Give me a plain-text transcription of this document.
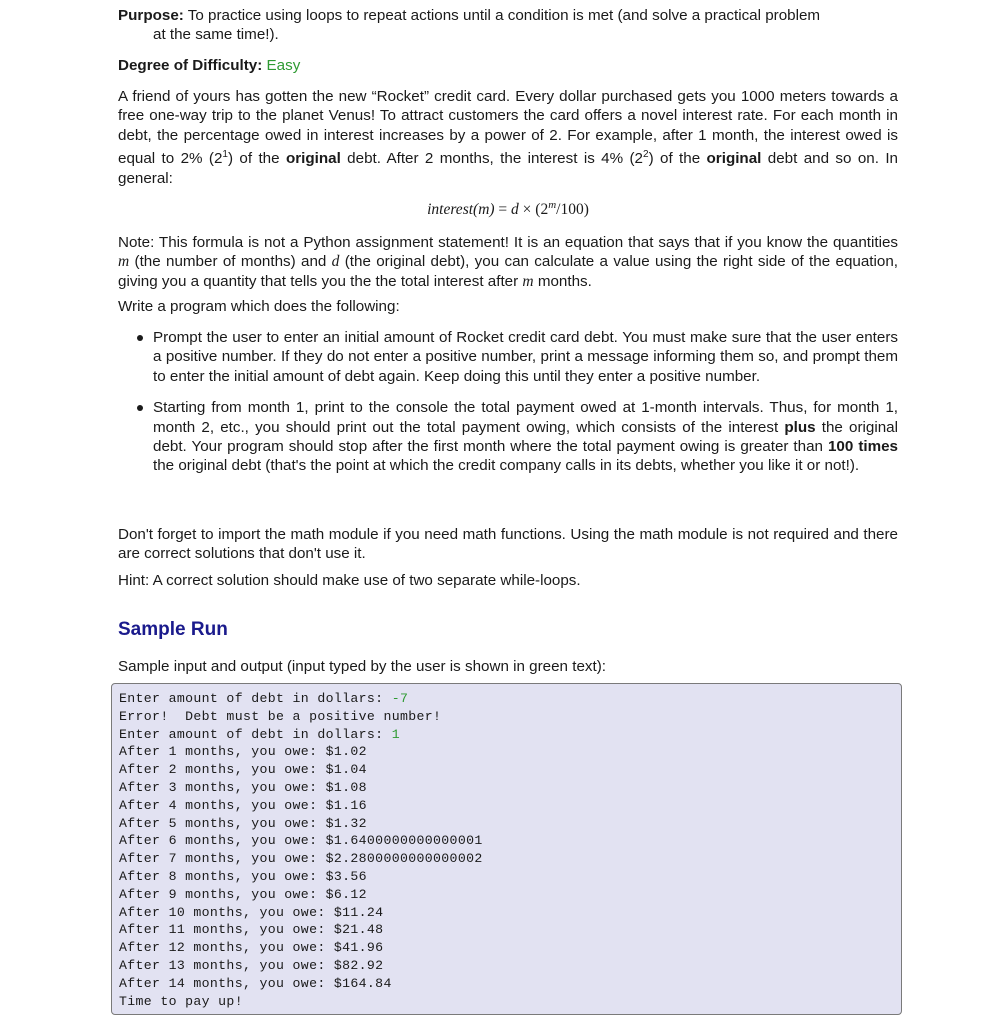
Purpose: To practice using loops to repeat actions until a condition is met (and solve a practical problem
at the same time!).
Degree of Difficulty: Easy

A friend of yours has gotten the new “Rocket” credit card. Every dollar purchased gets you 1000 meters towards a free one-way trip to the planet Venus! To attract customers the card offers a novel interest rate. For each month in debt, the percentage owed in interest increases by a power of 2. For example, after 1 month, the interest owed is equal to 2% $(2^1)$ of the original debt. After 2 months, the interest is 4% $(2^2)$ of the original debt and so on. In general:

interest(m) = $d \times (2^m/100)$

Note: This formula is not a Python assignment statement! It is an equation that says that if you know the quantities m (the number of months) and d (the original debt), you can calculate a value using the right side of the equation, giving you a quantity that tells you the the total interest after m months.

Write a program which does the following:

Prompt the user to enter an initial amount of Rocket credit card debt. You must make sure that the user enters a positive number. If they do not enter a positive number, print a message informing them so, and prompt them to enter the initial amount of debt again. Keep doing this until they enter a positive number.
Starting from month 1, print to the console the total payment owed at 1-month intervals. Thus, for month 1, month 2, etc., you should print out the total payment owing, which consists of the interest plus the original debt. Your program should stop after the first month where the total payment owing is greater than 100 times the original debt (that's the point at which the credit company calls in its debts, whether you like it or not!).

Don't forget to import the math module if you need math functions. Using the math module is not required and there are correct solutions that don't use it.

Hint: A correct solution should make use of two separate while-loops.

Sample Run

Sample input and output (input typed by the user is shown in green text):

Enter amount of debt in dollars: -7
Error!  Debt must be a positive number!
Enter amount of debt in dollars: 1
After 1 months, you owe: $1.02
After 2 months, you owe: $1.04
After 3 months, you owe: $1.08
After 4 months, you owe: $1.16
After 5 months, you owe: $1.32
After 6 months, you owe: $1.6400000000000001
After 7 months, you owe: $2.2800000000000002
After 8 months, you owe: $3.56
After 9 months, you owe: $6.12
After 10 months, you owe: $11.24
After 11 months, you owe: $21.48
After 12 months, you owe: $41.96
After 13 months, you owe: $82.92
After 14 months, you owe: $164.84
Time to pay up!
